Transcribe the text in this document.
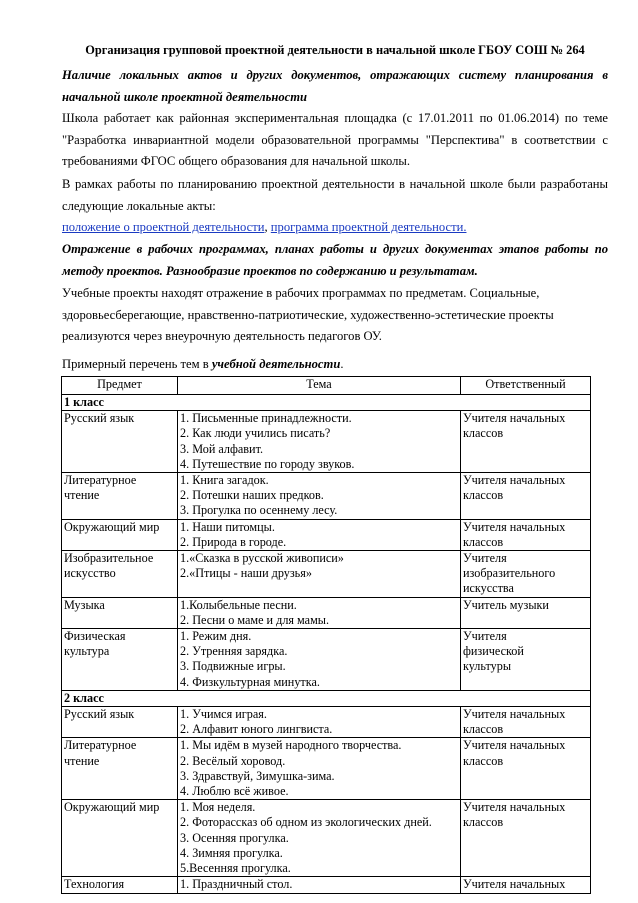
Организация групповой проектной деятельности в начальной школе ГБОУ СОШ № 264
Наличие локальных актов и других документов, отражающих систему планирования в
начальной школе проектной деятельности
Школа работает как районная экспериментальная площадка (с 17.01.2011 по 01.06.2014) по теме
"Разработка инвариантной модели образовательной программы "Перспектива" в соответствии с
требованиями ФГОС общего образования для начальной школы.
В рамках работы по планированию проектной деятельности в начальной школе были разработаны
следующие локальные акты:
положение о проектной деятельности, программа проектной деятельности.
Отражение в рабочих программах, планах работы и других документах этапов работы по
методу проектов. Разнообразие проектов по содержанию и результатам.
Учебные проекты находят отражение в рабочих программах по предметам. Социальные,
здоровьесберегающие, нравственно-патриотические, художественно-эстетические проекты
реализуются через внеурочную деятельность педагогов ОУ.
Примерный перечень тем в учебной деятельности.
Предмет	Тема	Ответственный
1 класс		

Русский язык	1. Письменные принадлежности.
2. Как люди учились писать?
3. Мой алфавит.
4. Путешествие по городу звуков.	Учителя начальных
классов

Литературное
чтение	1. Книга загадок.
2. Потешки наших предков.
3. Прогулка по осеннему лесу.	Учителя начальных
классов

Окружающий мир	1. Наши питомцы.
2. Природа в городе.	Учителя начальных
классов

Изобразительное
искусство	1.«Сказка в русской живописи»
2.«Птицы - наши друзья»	Учителя
изобразительного
искусства

Музыка	1.Колыбельные песни.
2. Песни о маме и для мамы.	Учитель музыки

Физическая
культура	1. Режим дня.
2. Утренняя зарядка.
3. Подвижные игры.
4. Физкультурная минутка.	Учителя
физической
культуры

2 класс		

Русский язык	1. Учимся играя.
2. Алфавит юного лингвиста.	Учителя начальных
классов

Литературное
чтение	1. Мы идём в музей народного творчества.
2. Весёлый хоровод.
3. Здравствуй, Зимушка-зима.
4. Люблю всё живое.	Учителя начальных
классов

Окружающий мир	1. Моя неделя.
2. Фоторассказ об одном из экологических дней.
3. Осенняя прогулка.
4. Зимняя прогулка.
5.Весенняя прогулка.	Учителя начальных
классов

Технология	1. Праздничный стол.	Учителя начальных
